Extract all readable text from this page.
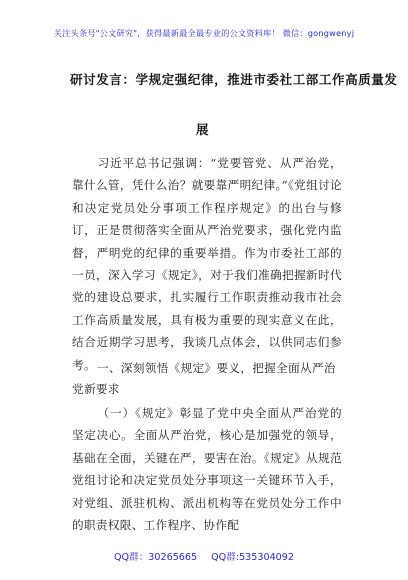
关注头条号"公文研究"，获得最新最全最专业的公文资料库！ 微信：gongwenyj
研讨发言：学规定强纪律，推进市委社工部工作高质量发
展
习近平总书记强调：“党要管党、从严治党，靠什么管，凭什么治？就要靠严明纪律。”《党组讨论和决定党员处分事项工作程序规定》的出台与修订，正是贯彻落实全面从严治党要求，强化党内监督，严明党的纪律的重要举措。作为市委社工部的一员，深入学习《规定》，对于我们准确把握新时代党的建设总要求，扎实履行工作职责推动我市社会工作高质量发展，具有极为重要的现实意义在此，结合近期学习思考，我谈几点体会，以供同志们参考。 一、深刻领悟《规定》要义，把握全面从严治党新要求
（一）《规定》彰显了党中央全面从严治党的坚定决心。全面从严治党，核心是加强党的领导，基础在全面，关键在严，要害在治。《规定》从规范党组讨论和决定党员处分事项这一关键环节入手，对党组、派驻机构、派出机构等在党员处分工作中的职责权限、工作程序、协作配
QQ群：30265665 QQ群:535304092
